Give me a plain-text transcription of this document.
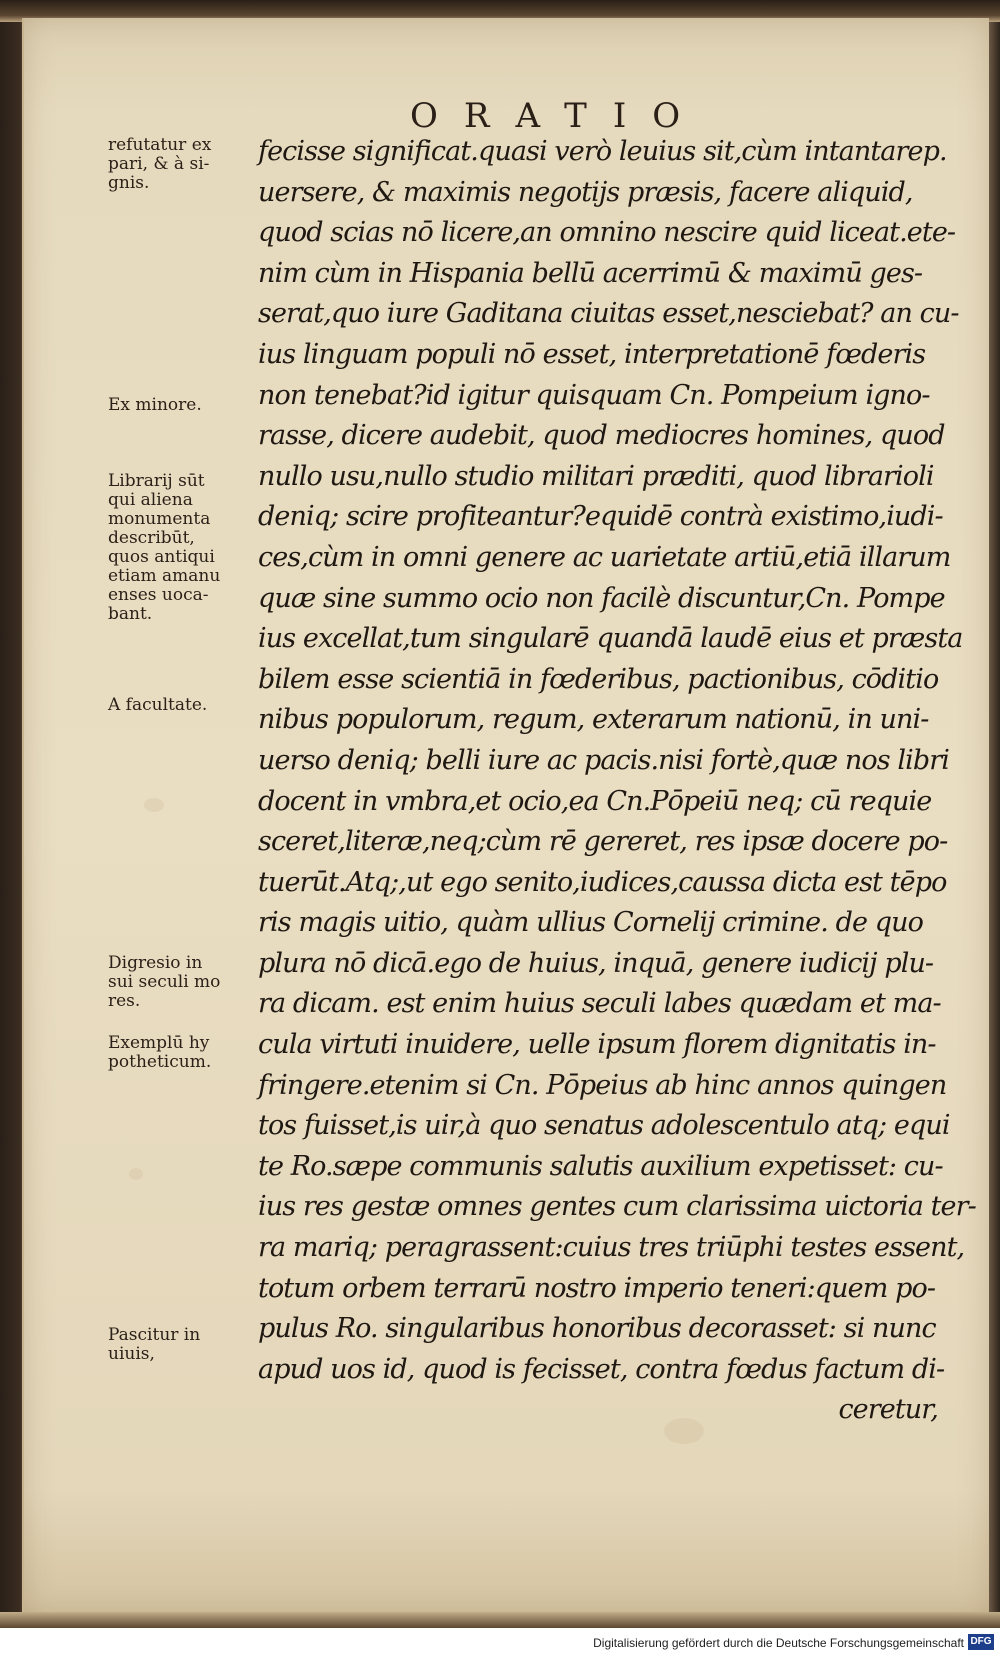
ORATIO
fecisse significat.quasi verò leuius sit,cùm intantarep.
uersere, & maximis negotijs præsis, facere aliquid,
quod scias nō licere,an omnino nescire quid liceat.ete-
nim cùm in Hispania bellū acerrimū & maximū ges-
serat,quo iure Gaditana ciuitas esset,nesciebat? an cu-
ius linguam populi nō esset, interpretationē fœderis
non tenebat?id igitur quisquam Cn. Pompeium igno-
rasse, dicere audebit, quod mediocres homines, quod
nullo usu,nullo studio militari præditi, quod librarioli
deniq; scire profiteantur?equidē contrà existimo,iudi-
ces,cùm in omni genere ac uarietate artiū,etiā illarum
quæ sine summo ocio non facilè discuntur,Cn. Pompe
ius excellat,tum singularē quandā laudē eius et præsta
bilem esse scientiā in fœderibus, pactionibus, cōditio
nibus populorum, regum, exterarum nationū, in uni-
uerso deniq; belli iure ac pacis.nisi fortè,quæ nos libri
docent in vmbra,et ocio,ea Cn.Pōpeiū neq; cū requie
sceret,literæ,neq;cùm rē gereret, res ipsæ docere po-
tuerūt.Atq;,ut ego senito,iudices,caussa dicta est tēpo
ris magis uitio, quàm ullius Cornelij crimine. de quo
plura nō dicā.ego de huius, inquā, genere iudicij plu-
ra dicam. est enim huius seculi labes quædam et ma-
cula virtuti inuidere, uelle ipsum florem dignitatis in-
fringere.etenim si Cn. Pōpeius ab hinc annos quingen
tos fuisset,is uir,à quo senatus adolescentulo atq; equi
te Ro.sæpe communis salutis auxilium expetisset: cu-
ius res gestæ omnes gentes cum clarissima uictoria ter-
ra mariq; peragrassent:cuius tres triūphi testes essent,
totum orbem terrarū nostro imperio teneri:quem po-
pulus Ro. singularibus honoribus decorasset: si nunc
apud uos id, quod is fecisset, contra fœdus factum di-
ceretur,
refutatur ex
pari, & à si-
gnis.
Ex minore.
Librarij sūt
qui aliena
monumenta
describūt,
quos antiqui
etiam amanu
enses uoca-
bant.
A facultate.
Digresio in
sui seculi mo
res.
Exemplū hy
potheticum.
Pascitur in
uiuis,
Digitalisierung gefördert durch die Deutsche Forschungsgemeinschaft DFG
